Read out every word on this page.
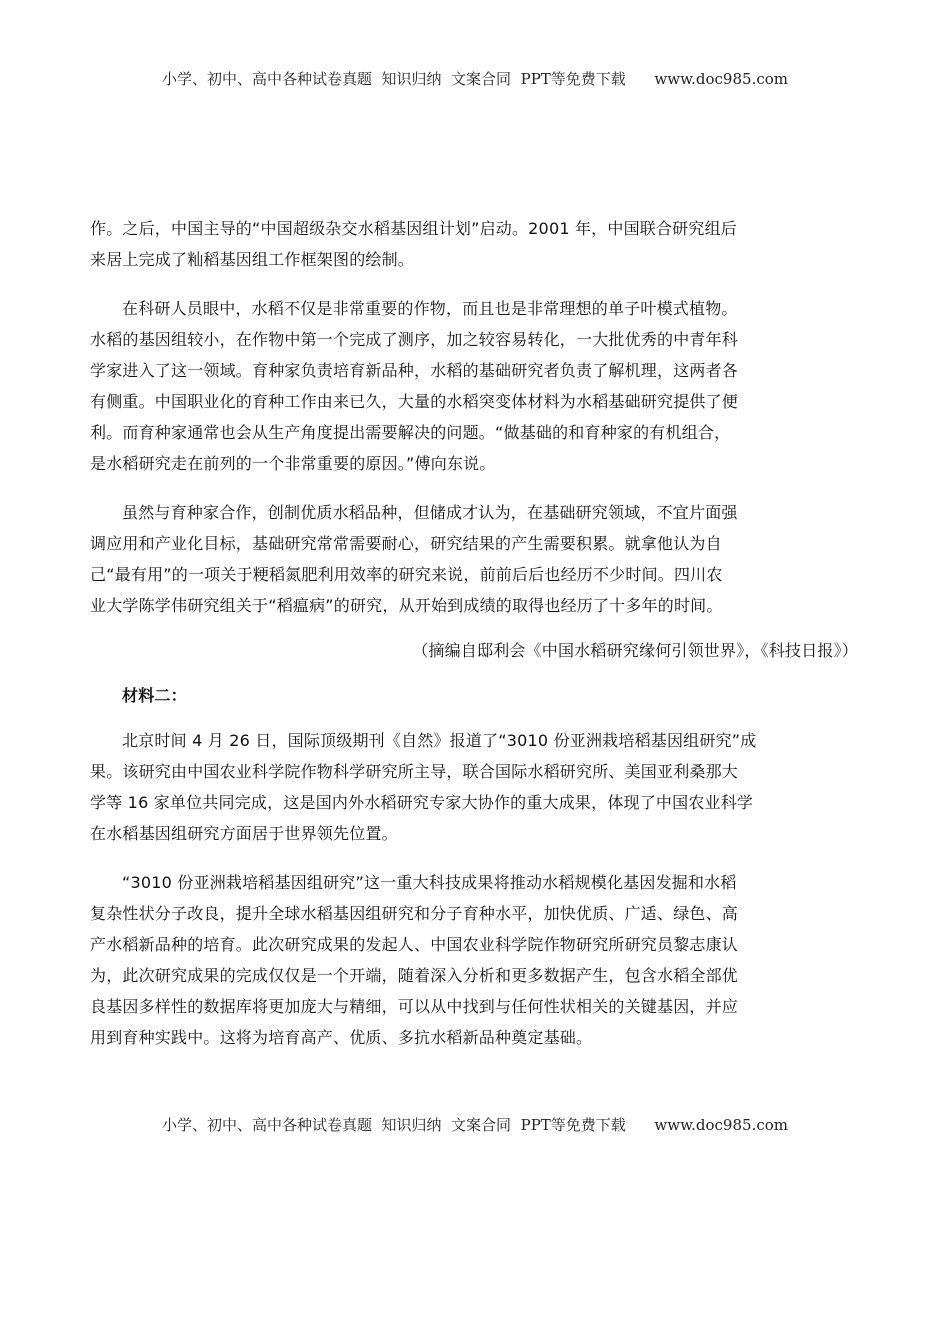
小学、初中、高中各种试卷真题  知识归纳  文案合同  PPT等免费下载      www.doc985.com

作。之后，中国主导的“中国超级杂交水稻基因组计划”启动。2001 年，中国联合研究组后

来居上完成了籼稻基因组工作框架图的绘制。

在科研人员眼中，水稻不仅是非常重要的作物，而且也是非常理想的单子叶模式植物。

水稻的基因组较小，在作物中第一个完成了测序，加之较容易转化，一大批优秀的中青年科

学家进入了这一领域。育种家负责培育新品种，水稻的基础研究者负责了解机理，这两者各

有侧重。中国职业化的育种工作由来已久，大量的水稻突变体材料为水稻基础研究提供了便

利。而育种家通常也会从生产角度提出需要解决的问题。“做基础的和育种家的有机组合，

是水稻研究走在前列的一个非常重要的原因。”傅向东说。

虽然与育种家合作，创制优质水稻品种，但储成才认为，在基础研究领域，不宜片面强

调应用和产业化目标，基础研究常常需要耐心，研究结果的产生需要积累。就拿他认为自

己“最有用”的一项关于粳稻氮肥利用效率的研究来说，前前后后也经历不少时间。四川农

业大学陈学伟研究组关于“稻瘟病”的研究，从开始到成绩的取得也经历了十多年的时间。

（摘编自邸利会《中国水稻研究缘何引领世界》，《科技日报》）

材料二：

北京时间 4 月 26 日，国际顶级期刊《自然》报道了“3010 份亚洲栽培稻基因组研究”成

果。该研究由中国农业科学院作物科学研究所主导，联合国际水稻研究所、美国亚利桑那大

学等 16 家单位共同完成，这是国内外水稻研究专家大协作的重大成果，体现了中国农业科学

在水稻基因组研究方面居于世界领先位置。

“3010 份亚洲栽培稻基因组研究”这一重大科技成果将推动水稻规模化基因发掘和水稻

复杂性状分子改良，提升全球水稻基因组研究和分子育种水平，加快优质、广适、绿色、高

产水稻新品种的培育。此次研究成果的发起人、中国农业科学院作物研究所研究员黎志康认

为，此次研究成果的完成仅仅是一个开端，随着深入分析和更多数据产生，包含水稻全部优

良基因多样性的数据库将更加庞大与精细，可以从中找到与任何性状相关的关键基因，并应

用到育种实践中。这将为培育高产、优质、多抗水稻新品种奠定基础。

小学、初中、高中各种试卷真题  知识归纳  文案合同  PPT等免费下载      www.doc985.com
